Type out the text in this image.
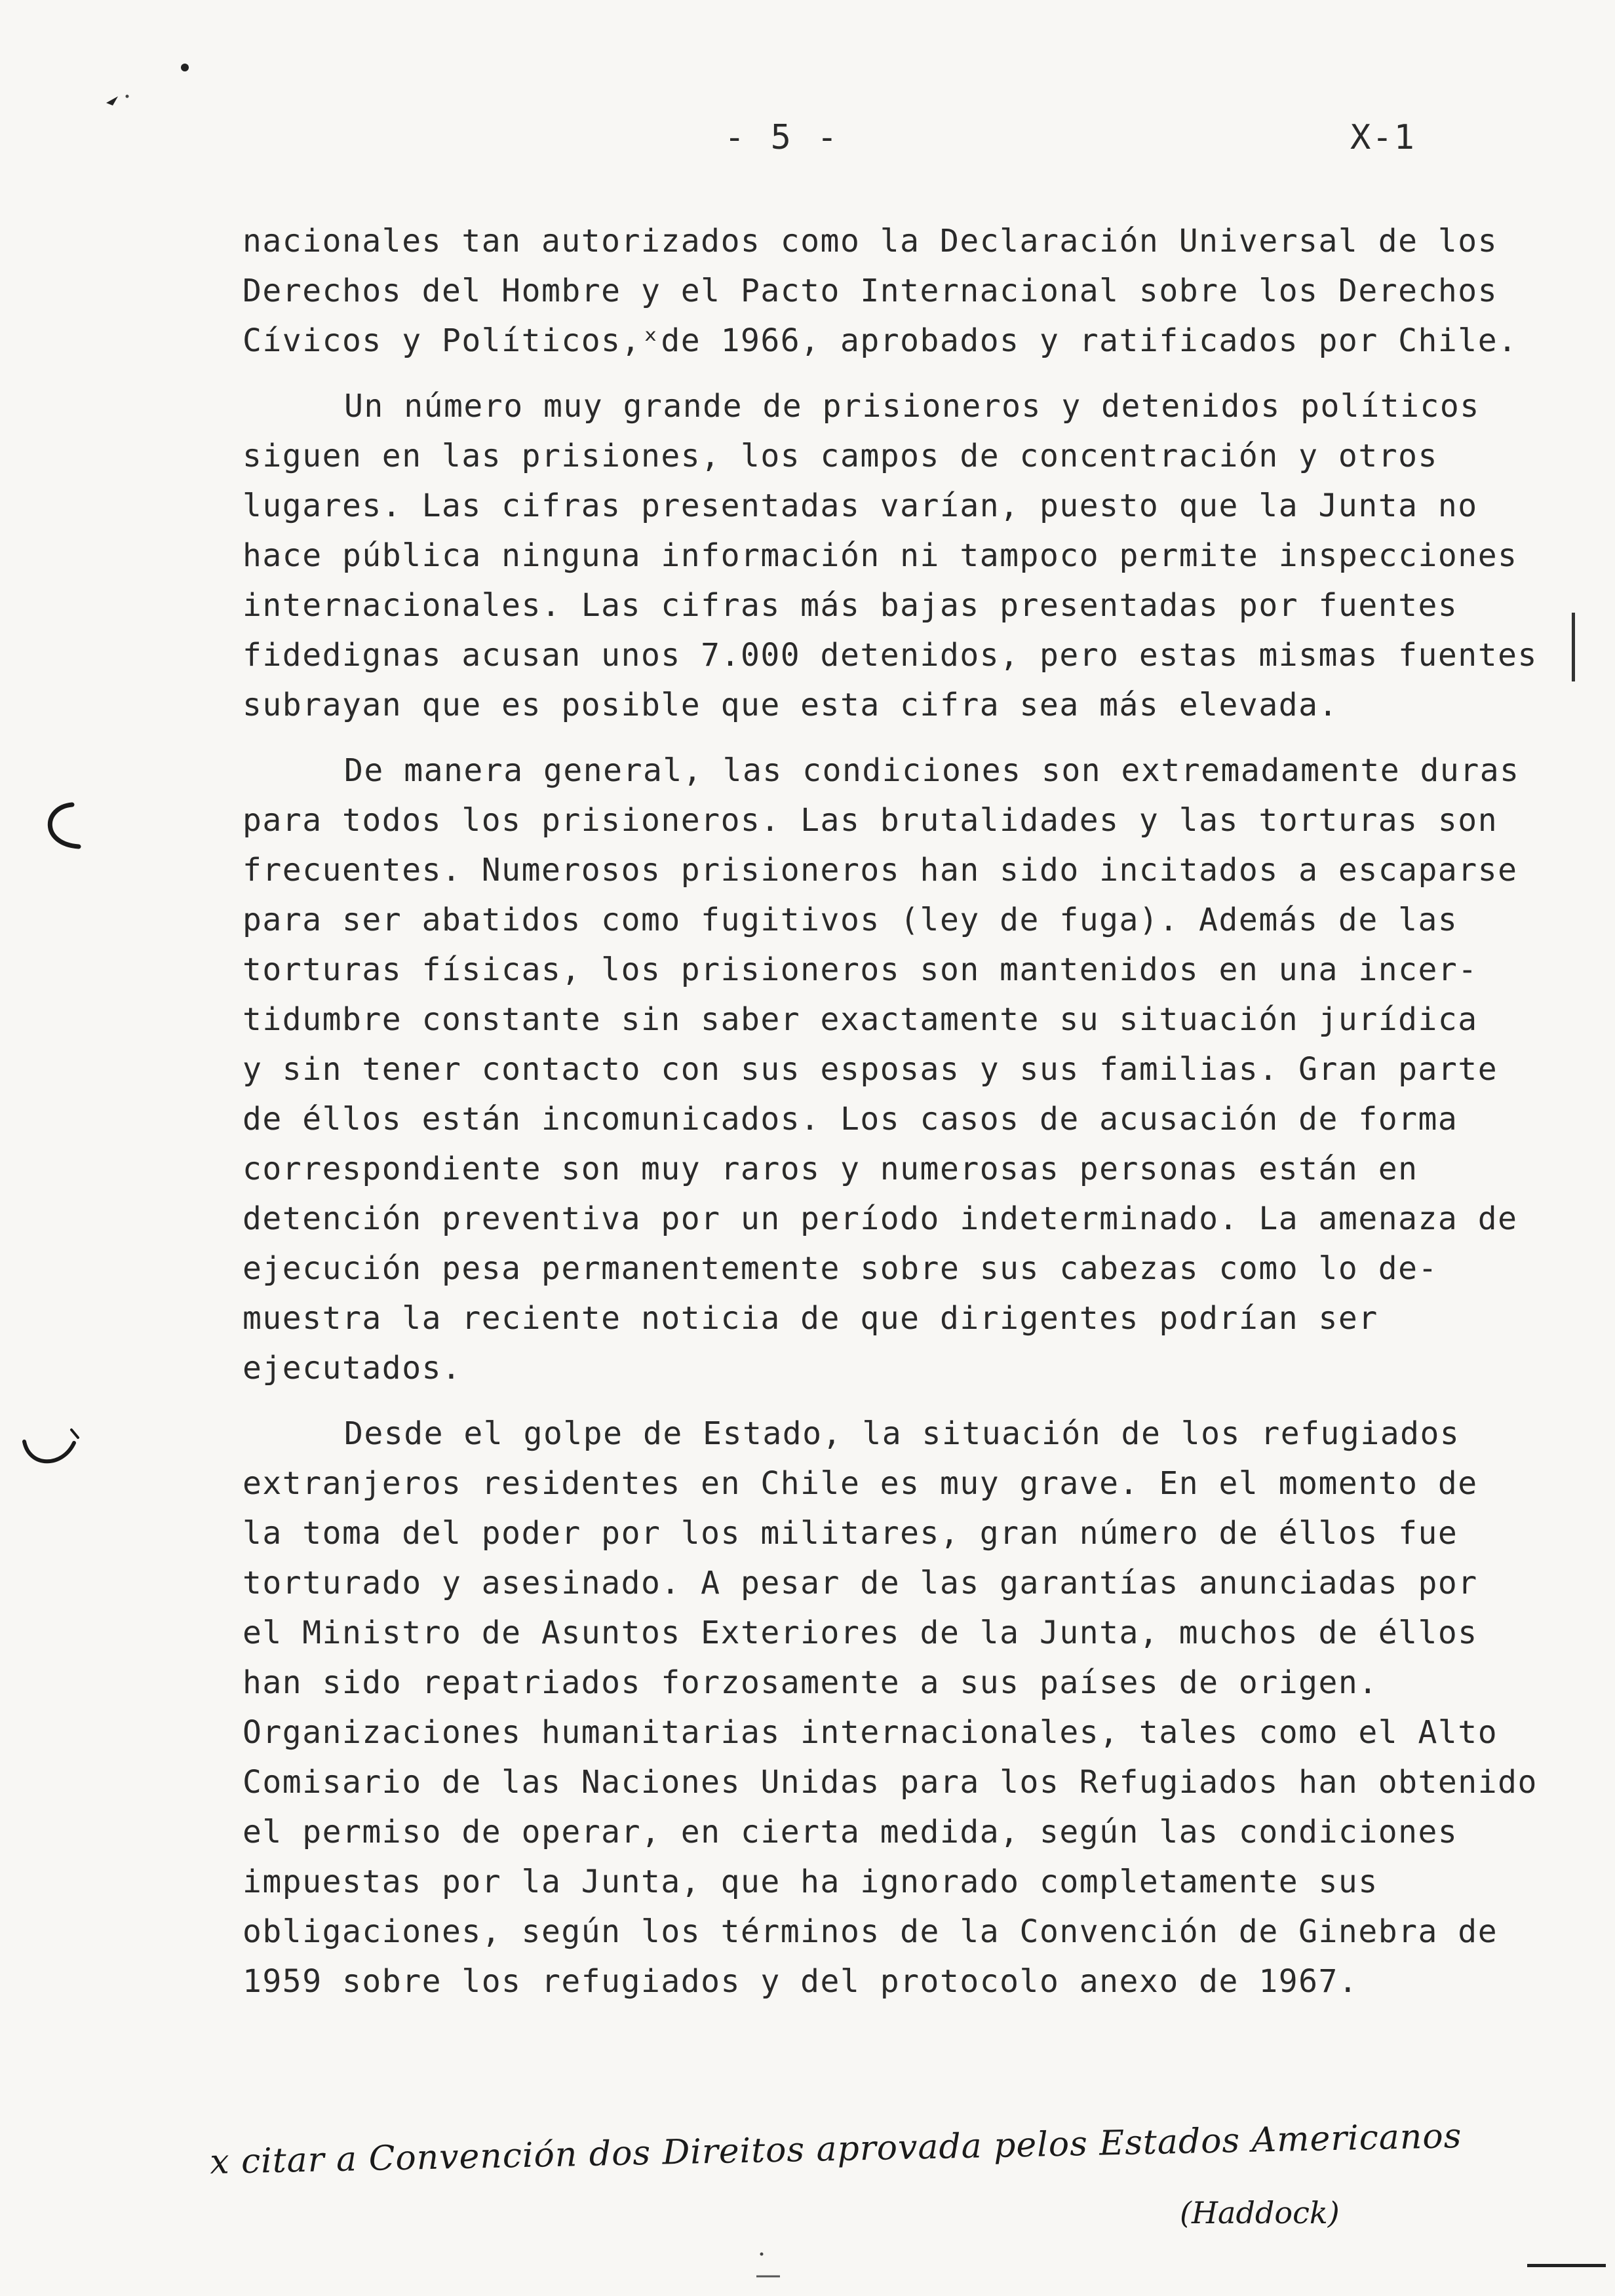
- 5 -	X-1
nacionales tan autorizados como la Declaración Universal de los
Derechos del Hombre y el Pacto Internacional sobre los Derechos
Cívicos y Políticos,ˣde 1966, aprobados y ratificados por Chile.
Un número muy grande de prisioneros y detenidos políticos
siguen en las prisiones, los campos de concentración y otros
lugares. Las cifras presentadas varían, puesto que la Junta no
hace pública ninguna información ni tampoco permite inspecciones
internacionales. Las cifras más bajas presentadas por fuentes
fidedignas acusan unos 7.000 detenidos, pero estas mismas fuentes
subrayan que es posible que esta cifra sea más elevada.
De manera general, las condiciones son extremadamente duras
para todos los prisioneros. Las brutalidades y las torturas son
frecuentes. Numerosos prisioneros han sido incitados a escaparse
para ser abatidos como fugitivos (ley de fuga). Además de las
torturas físicas, los prisioneros son mantenidos en una incer-
tidumbre constante sin saber exactamente su situación jurídica
y sin tener contacto con sus esposas y sus familias. Gran parte
de éllos están incomunicados. Los casos de acusación de forma
correspondiente son muy raros y numerosas personas están en
detención preventiva por un período indeterminado. La amenaza de
ejecución pesa permanentemente sobre sus cabezas como lo de-
muestra la reciente noticia de que dirigentes podrían ser
ejecutados.
Desde el golpe de Estado, la situación de los refugiados
extranjeros residentes en Chile es muy grave. En el momento de
la toma del poder por los militares, gran número de éllos fue
torturado y asesinado. A pesar de las garantías anunciadas por
el Ministro de Asuntos Exteriores de la Junta, muchos de éllos
han sido repatriados forzosamente a sus países de origen.
Organizaciones humanitarias internacionales, tales como el Alto
Comisario de las Naciones Unidas para los Refugiados han obtenido
el permiso de operar, en cierta medida, según las condiciones
impuestas por la Junta, que ha ignorado completamente sus
obligaciones, según los términos de la Convención de Ginebra de
1959 sobre los refugiados y del protocolo anexo de 1967.
x citar a Convención dos Direitos aprovada pelos Estados Americanos
(Haddock)
